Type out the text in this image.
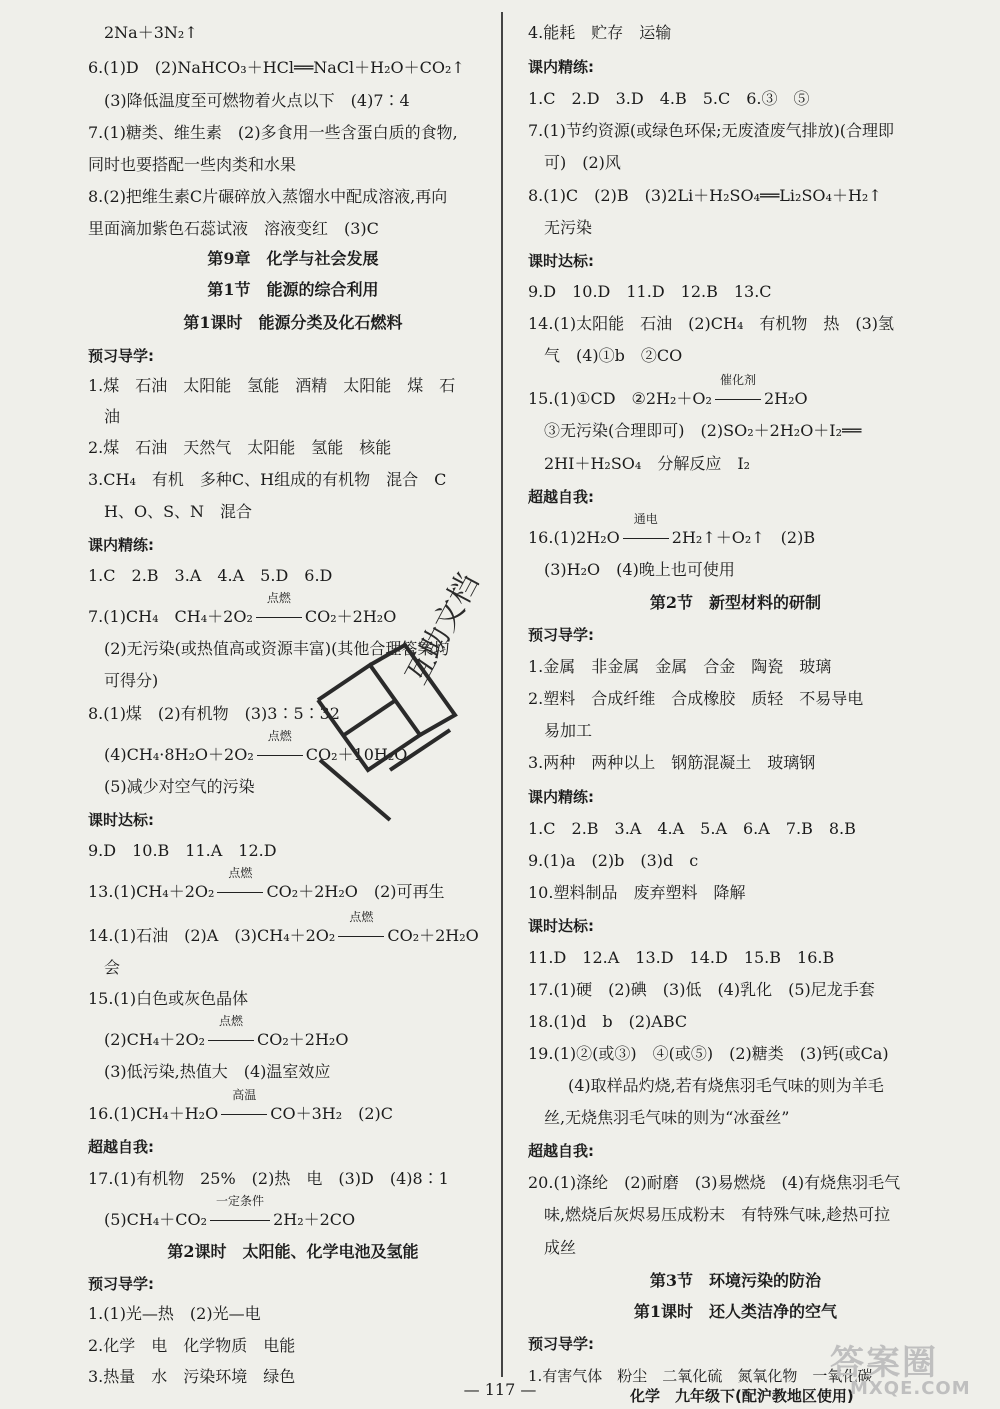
2Na＋3N₂↑
6.(1)D　(2)NaHCO₃＋HCl══NaCl＋H₂O＋CO₂↑
(3)降低温度至可燃物着火点以下　(4)7∶4
7.(1)糖类、维生素　(2)多食用一些含蛋白质的食物,
同时也要搭配一些肉类和水果
8.(2)把维生素C片碾碎放入蒸馏水中配成溶液,再向
里面滴加紫色石蕊试液　溶液变红　(3)C
第9章　化学与社会发展
第1节　能源的综合利用
第1课时　能源分类及化石燃料
预习导学:
1.煤　石油　太阳能　氢能　酒精　太阳能　煤　石
油
2.煤　石油　天然气　太阳能　氢能　核能
3.CH₄　有机　多种C、H组成的有机物　混合　C
H、O、S、N　混合
课内精练:
1.C　2.B　3.A　4.A　5.D　6.D
7.(1)CH₄　CH₄＋2O₂
点燃
CO₂＋2H₂O
(2)无污染(或热值高或资源丰富)(其他合理答案均
可得分)
8.(1)煤　(2)有机物　(3)3∶5∶32
(4)CH₄·8H₂O＋2O₂
点燃
CO₂＋10H₂O
(5)减少对空气的污染
课时达标:
9.D　10.B　11.A　12.D
13.(1)CH₄＋2O₂
点燃
CO₂＋2H₂O　(2)可再生
14.(1)石油　(2)A　(3)CH₄＋2O₂
点燃
CO₂＋2H₂O
会
15.(1)白色或灰色晶体
(2)CH₄＋2O₂
点燃
CO₂＋2H₂O
(3)低污染,热值大　(4)温室效应
16.(1)CH₄＋H₂O
高温
CO＋3H₂　(2)C
超越自我:
17.(1)有机物　25%　(2)热　电　(3)D　(4)8∶1
(5)CH₄＋CO₂
一定条件
2H₂＋2CO
第2课时　太阳能、化学电池及氢能
预习导学:
1.(1)光—热　(2)光—电
2.化学　电　化学物质　电能
3.热量　水　污染环境　绿色
4.能耗　贮存　运输
课内精练:
1.C　2.D　3.D　4.B　5.C　6.③　⑤
7.(1)节约资源(或绿色环保;无废渣废气排放)(合理即
可)　(2)风
8.(1)C　(2)B　(3)2Li＋H₂SO₄══Li₂SO₄＋H₂↑
无污染
课时达标:
9.D　10.D　11.D　12.B　13.C
14.(1)太阳能　石油　(2)CH₄　有机物　热　(3)氢
气　(4)①b　②CO
15.(1)①CD　②2H₂＋O₂
催化剂
2H₂O
③无污染(合理即可)　(2)SO₂＋2H₂O＋I₂══
2HI＋H₂SO₄　分解反应　I₂
超越自我:
16.(1)2H₂O
通电
2H₂↑＋O₂↑　(2)B
(3)H₂O　(4)晚上也可使用
第2节　新型材料的研制
预习导学:
1.金属　非金属　金属　合金　陶瓷　玻璃
2.塑料　合成纤维　合成橡胶　质轻　不易导电
易加工
3.两种　两种以上　钢筋混凝土　玻璃钢
课内精练:
1.C　2.B　3.A　4.A　5.A　6.A　7.B　8.B
9.(1)a　(2)b　(3)d　c
10.塑料制品　废弃塑料　降解
课时达标:
11.D　12.A　13.D　14.D　15.B　16.B
17.(1)硬　(2)碘　(3)低　(4)乳化　(5)尼龙手套
18.(1)d　b　(2)ABC
19.(1)②(或③)　④(或⑤)　(2)糖类　(3)钙(或Ca)
(4)取样品灼烧,若有烧焦羽毛气味的则为羊毛
丝,无烧焦羽毛气味的则为“冰蚕丝”
超越自我:
20.(1)涤纶　(2)耐磨　(3)易燃烧　(4)有烧焦羽毛气
味,燃烧后灰烬易压成粉末　有特殊气味,趁热可拉
成丝
第3节　环境污染的防治
第1课时　还人类洁净的空气
预习导学:
1.有害气体　粉尘　二氧化硫　氮氧化物　一氧化碳
互助文档
— 117 —	化学　九年级下(配沪教地区使用)
答案圈
MXQE.COM
